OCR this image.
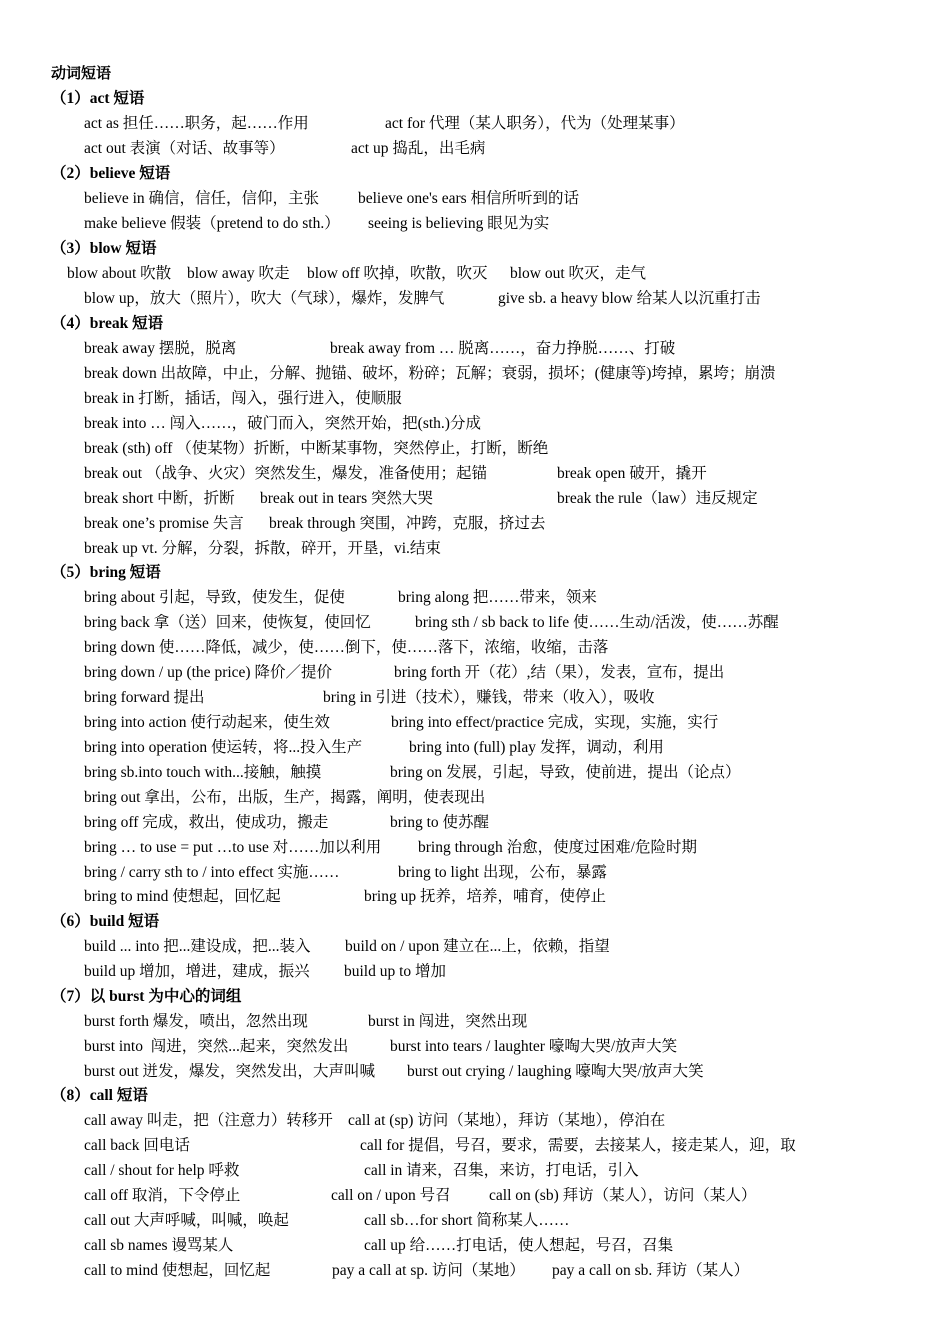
动词短语
（1）act 短语
act as 担任……职务，起……作用	act for 代理（某人职务），代为（处理某事）
act out 表演（对话、故事等）	act up 捣乱，出毛病
（2）believe 短语
believe in 确信，信任，信仰，主张	believe one's ears 相信所听到的话
make believe 假装（pretend to do sth.） seeing is believing 眼见为实
（3）blow 短语
blow about 吹散 blow away 吹走 blow off 吹掉，吹散，吹灭 blow out 吹灭，走气
blow up，放大（照片），吹大（气球），爆炸，发脾气	give sb. a heavy blow 给某人以沉重打击
（4）break 短语
break away 摆脱，脱离	break away from … 脱离……，奋力挣脱……、打破
break down 出故障，中止，分解、抛锚、破坏，粉碎；瓦解；衰弱，损坏；(健康等)垮掉，累垮；崩溃
break in 打断，插话，闯入，强行进入，使顺服
break into … 闯入……，破门而入，突然开始，把(sth.)分成
break (sth) off （使某物）折断，中断某事物，突然停止，打断，断绝
break out （战争、火灾）突然发生，爆发，准备使用；起锚	break open 破开，撬开
break short 中断，折断 break out in tears 突然大哭	break the rule（law）违反规定
break one’s promise 失言 break through 突围，冲跨，克服，挤过去
break up vt. 分解，分裂，拆散，碎开，开垦，vi.结束
（5）bring 短语
bring about 引起，导致，使发生，促使	bring along 把……带来，领来
bring back 拿（送）回来，使恢复，使回忆	bring sth / sb back to life 使……生动/活泼，使……苏醒
bring down 使……降低，减少，使……倒下，使……落下，浓缩，收缩，击落
bring down / up (the price) 降价／提价	bring forth 开（花）,结（果），发表，宣布，提出
bring forward 提出	bring in 引进（技术），赚钱，带来（收入），吸收
bring into action 使行动起来，使生效	bring into effect/practice 完成，实现，实施，实行
bring into operation 使运转，将...投入生产	bring into (full) play 发挥，调动，利用
bring sb.into touch with...接触，触摸	bring on 发展，引起，导致，使前进，提出（论点）
bring out 拿出，公布，出版，生产，揭露，阐明，使表现出
bring off 完成，救出，使成功，搬走	bring to 使苏醒
bring … to use = put …to use 对……加以利用 bring through 治愈，使度过困难/危险时期
bring / carry sth to / into effect 实施……	bring to light 出现，公布，暴露
bring to mind 使想起，回忆起	bring up 抚养，培养，哺育，使停止
（6）build 短语
build ... into 把...建设成，把...装入 build on / upon 建立在...上，依赖，指望
build up 增加，增进，建成，振兴 build up to 增加
（7）以 burst 为中心的词组
burst forth 爆发，喷出，忽然出现	burst in 闯进，突然出现
burst into  闯进，突然...起来，突然发出	burst into tears / laughter 嚎啕大哭/放声大笑
burst out 迸发，爆发，突然发出，大声叫喊 burst out crying / laughing 嚎啕大哭/放声大笑
（8）call 短语
call away 叫走，把（注意力）转移开 call at (sp) 访问（某地），拜访（某地），停泊在
call back 回电话	call for 提倡，号召，要求，需要，去接某人，接走某人，迎，取
call / shout for help 呼救	call in 请来，召集，来访，打电话，引入
call off 取消，下令停止	call on / upon 号召 call on (sb) 拜访（某人），访问（某人）
call out 大声呼喊，叫喊，唤起	call sb…for short 简称某人……
call sb names 谩骂某人	call up 给……打电话，使人想起，号召，召集
call to mind 使想起，回忆起	pay a call at sp. 访问（某地） pay a call on sb. 拜访（某人）
